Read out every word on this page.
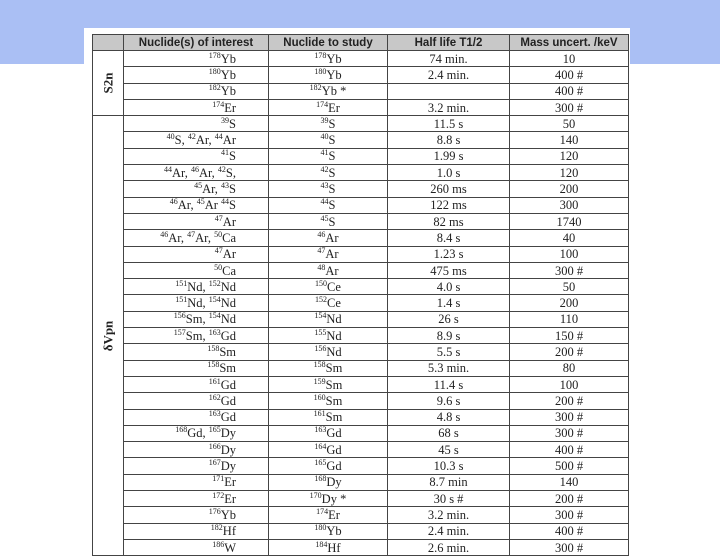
	Nuclide(s) of interest	Nuclide to study	Half life T1/2	Mass uncert. /keV
S2n	$^{178}$Yb	$^{178}$Yb	74 min.	10
	$^{180}$Yb	$^{180}$Yb	2.4 min.	400 #
	$^{182}$Yb	$^{182}$Yb *		400 #
	$^{174}$Er	$^{174}$Er	3.2 min.	300 #
δVpn	$^{39}$S	$^{39}$S	11.5 s	50
	$^{40}$S, $^{42}$Ar, $^{44}$Ar	$^{40}$S	8.8 s	140
	$^{41}$S	$^{41}$S	1.99 s	120
	$^{44}$Ar, $^{46}$Ar, $^{42}$S,	$^{42}$S	1.0 s	120
	$^{45}$Ar, $^{43}$S	$^{43}$S	260 ms	200
	$^{46}$Ar, $^{45}$Ar $^{44}$S	$^{44}$S	122 ms	300
	$^{47}$Ar	$^{45}$S	82 ms	1740
	$^{46}$Ar, $^{47}$Ar, $^{50}$Ca	$^{46}$Ar	8.4 s	40
	$^{47}$Ar	$^{47}$Ar	1.23 s	100
	$^{50}$Ca	$^{48}$Ar	475 ms	300 #
	$^{151}$Nd, $^{152}$Nd	$^{150}$Ce	4.0 s	50
	$^{151}$Nd, $^{154}$Nd	$^{152}$Ce	1.4 s	200
	$^{156}$Sm, $^{154}$Nd	$^{154}$Nd	26 s	110
	$^{157}$Sm, $^{163}$Gd	$^{155}$Nd	8.9 s	150 #
	$^{158}$Sm	$^{156}$Nd	5.5 s	200 #
	$^{158}$Sm	$^{158}$Sm	5.3 min.	80
	$^{161}$Gd	$^{159}$Sm	11.4 s	100
	$^{162}$Gd	$^{160}$Sm	9.6 s	200 #
	$^{163}$Gd	$^{161}$Sm	4.8 s	300 #
	$^{168}$Gd, $^{165}$Dy	$^{163}$Gd	68 s	300 #
	$^{166}$Dy	$^{164}$Gd	45 s	400 #
	$^{167}$Dy	$^{165}$Gd	10.3 s	500 #
	$^{171}$Er	$^{168}$Dy	8.7 min	140
	$^{172}$Er	$^{170}$Dy *	30 s #	200 #
	$^{176}$Yb	$^{174}$Er	3.2 min.	300 #
	$^{182}$Hf	$^{180}$Yb	2.4 min.	400 #
	$^{186}$W	$^{184}$Hf	2.6 min.	300 #
